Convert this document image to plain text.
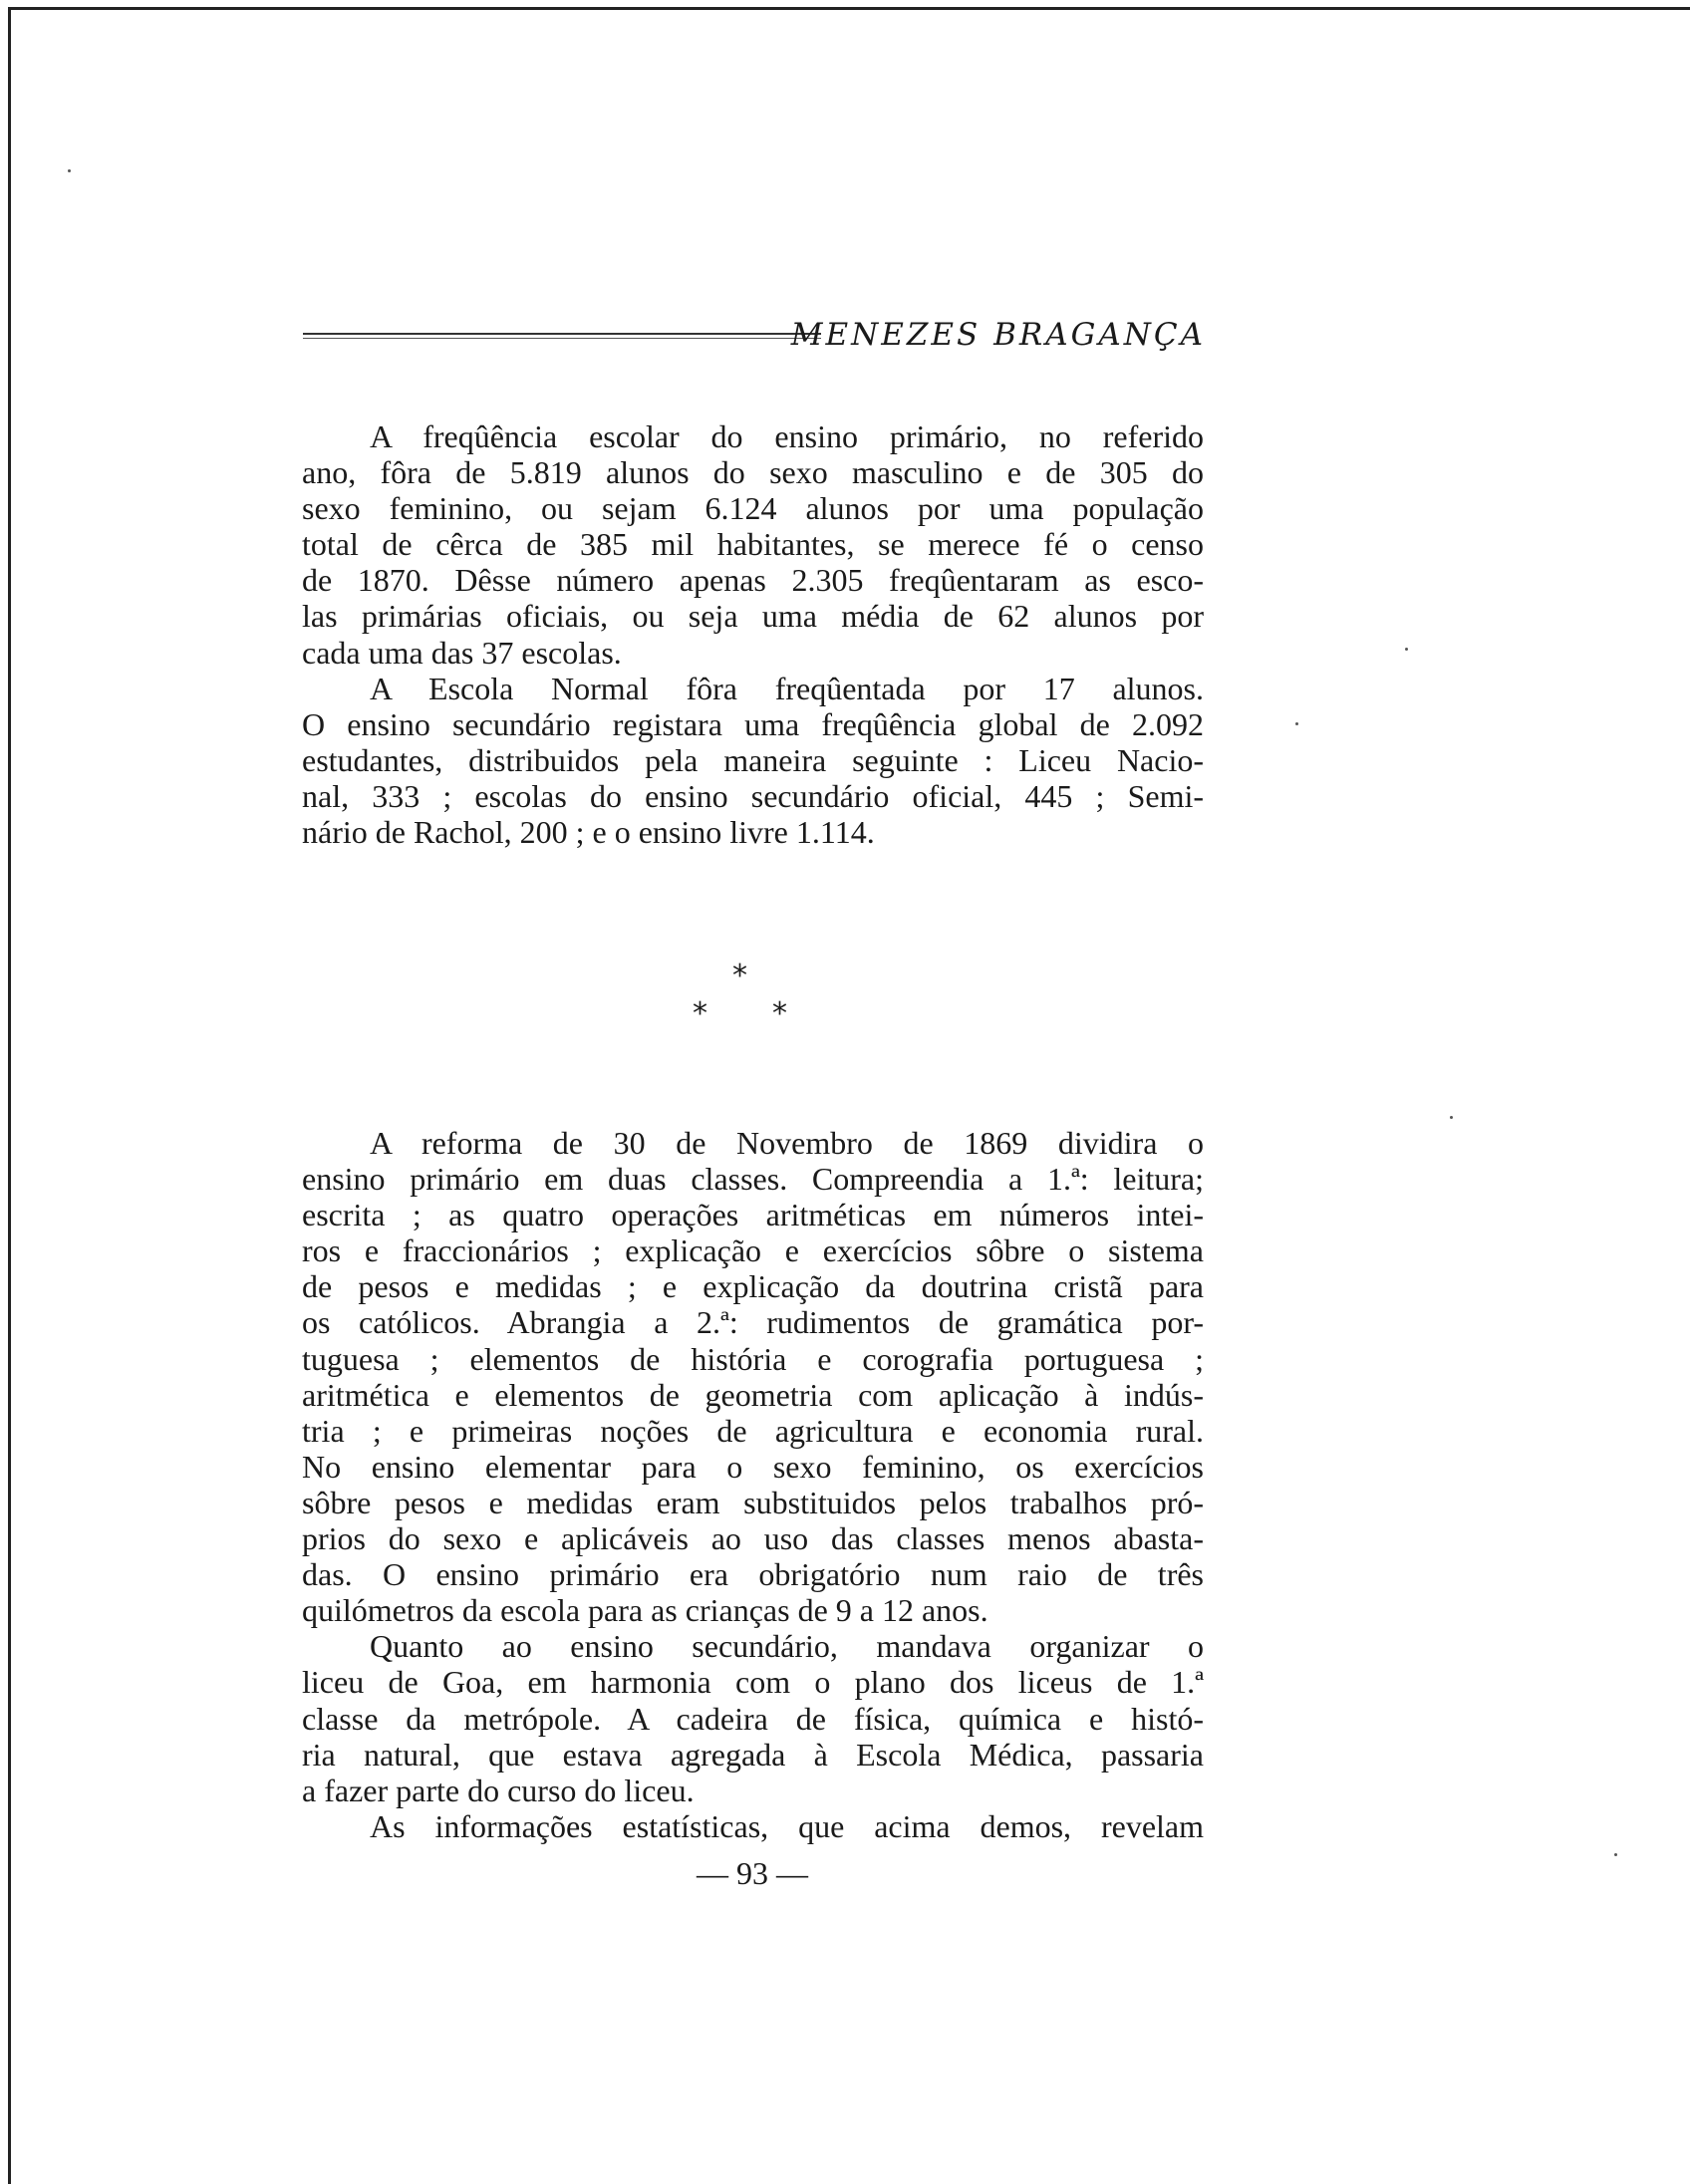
MENEZES BRAGANÇA
A freqûência escolar do ensino primário, no referido
ano, fôra de 5.819 alunos do sexo masculino e de 305 do
sexo feminino, ou sejam 6.124 alunos por uma população
total de cêrca de 385 mil habitantes, se merece fé o censo
de 1870. Dêsse número apenas 2.305 freqûentaram as esco-
las primárias oficiais, ou seja uma média de 62 alunos por
cada uma das 37 escolas.
A Escola Normal fôra freqûentada por 17 alunos.
O ensino secundário registara uma freqûência global de 2.092
estudantes, distribuidos pela maneira seguinte : Liceu Nacio-
nal, 333 ; escolas do ensino secundário oficial, 445 ; Semi-
nário de Rachol, 200 ; e o ensino livre 1.114.
*
* *
A reforma de 30 de Novembro de 1869 dividira o
ensino primário em duas classes. Compreendia a 1.ª: leitura;
escrita ; as quatro operações aritméticas em números intei-
ros e fraccionários ; explicação e exercícios sôbre o sistema
de pesos e medidas ; e explicação da doutrina cristã para
os católicos. Abrangia a 2.ª: rudimentos de gramática por-
tuguesa ; elementos de história e corografia portuguesa ;
aritmética e elementos de geometria com aplicação à indús-
tria ; e primeiras noções de agricultura e economia rural.
No ensino elementar para o sexo feminino, os exercícios
sôbre pesos e medidas eram substituidos pelos trabalhos pró-
prios do sexo e aplicáveis ao uso das classes menos abasta-
das. O ensino primário era obrigatório num raio de três
quilómetros da escola para as crianças de 9 a 12 anos.
Quanto ao ensino secundário, mandava organizar o
liceu de Goa, em harmonia com o plano dos liceus de 1.ª
classe da metrópole. A cadeira de física, química e histó-
ria natural, que estava agregada à Escola Médica, passaria
a fazer parte do curso do liceu.
As informações estatísticas, que acima demos, revelam
— 93 —
